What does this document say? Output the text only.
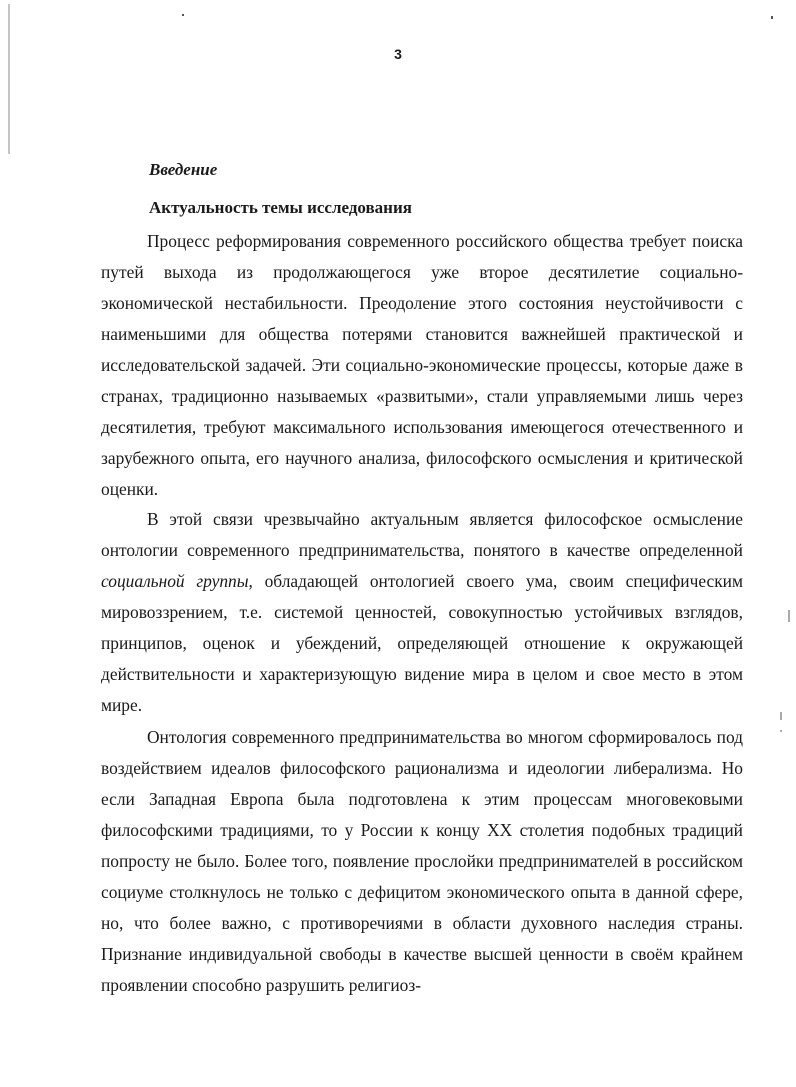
3
Введение
Актуальность темы исследования

Процесс реформирования современного российского общества требует поиска путей выхода из продолжающегося уже второе десятилетие социально-экономической нестабильности. Преодоление этого состояния неустойчивости с наименьшими для общества потерями становится важнейшей практической и исследовательской задачей. Эти социально-экономические процессы, которые даже в странах, традиционно называемых «развитыми», стали управляемыми лишь через десятилетия, требуют максимального использования имеющегося отечественного и зарубежного опыта, его научного анализа, философского осмысления и критической оценки.

В этой связи чрезвычайно актуальным является философское осмысление онтологии современного предпринимательства, понятого в качестве определенной социальной группы, обладающей онтологией своего ума, своим специфическим мировоззрением, т.е. системой ценностей, совокупностью устойчивых взглядов, принципов, оценок и убеждений, определяющей отношение к окружающей действительности и характеризующую видение мира в целом и свое место в этом мире.

Онтология современного предпринимательства во многом сформировалось под воздействием идеалов философского рационализма и идеологии либерализма. Но если Западная Европа была подготовлена к этим процессам многовековыми философскими традициями, то у России к концу XX столетия подобных традиций попросту не было. Более того, появление прослойки предпринимателей в российском социуме столкнулось не только с дефицитом экономического опыта в данной сфере, но, что более важно, с противоречиями в области духовного наследия страны. Признание индивидуальной свободы в качестве высшей ценности в своём крайнем проявлении способно разрушить религиоз-
